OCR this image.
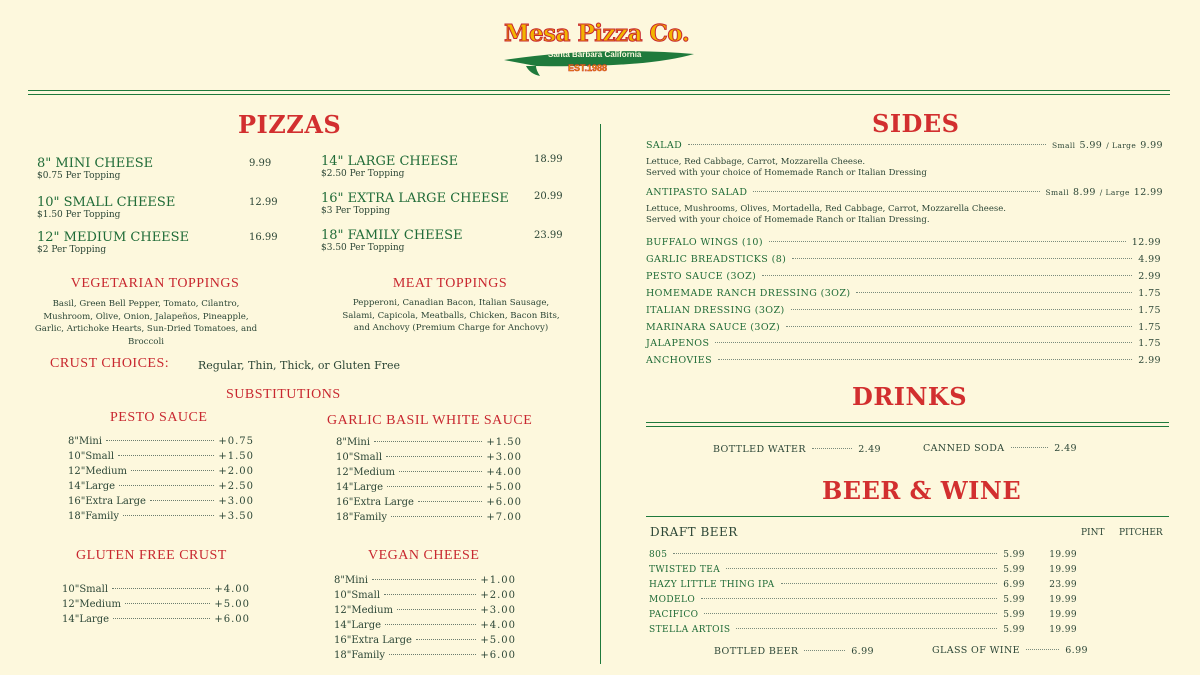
Mesa Pizza Co.
Santa Barbara California
EST.1988
PIZZAS
8" MINI CHEESE
$0.75 Per Topping
9.99
10" SMALL CHEESE
$1.50 Per Topping
12.99
12" MEDIUM CHEESE
$2 Per Topping
16.99
14" LARGE CHEESE
$2.50 Per Topping
18.99
16" EXTRA LARGE CHEESE
$3 Per Topping
20.99
18" FAMILY CHEESE
$3.50 Per Topping
23.99
VEGETARIAN TOPPINGS
Basil, Green Bell Pepper, Tomato, Cilantro, Mushroom, Olive, Onion, Jalapeños, Pineapple, Garlic, Artichoke Hearts, Sun-Dried Tomatoes, and Broccoli
MEAT TOPPINGS
Pepperoni, Canadian Bacon, Italian Sausage, Salami, Capicola, Meatballs, Chicken, Bacon Bits, and Anchovy (Premium Charge for Anchovy)
CRUST CHOICES:	Regular, Thin, Thick, or Gluten Free
SUBSTITUTIONS
PESTO SAUCE
8"Mini	+0.75
10"Small	+1.50
12"Medium	+2.00
14"Large	+2.50
16"Extra Large	+3.00
18"Family	+3.50
GARLIC BASIL WHITE SAUCE
8"Mini	+1.50
10"Small	+3.00
12"Medium	+4.00
14"Large	+5.00
16"Extra Large	+6.00
18"Family	+7.00
GLUTEN FREE CRUST
10"Small	+4.00
12"Medium	+5.00
14"Large	+6.00
VEGAN CHEESE
8"Mini	+1.00
10"Small	+2.00
12"Medium	+3.00
14"Large	+4.00
16"Extra Large	+5.00
18"Family	+6.00
SIDES
SALAD	Small 5.99 / Large 9.99
Lettuce, Red Cabbage, Carrot, Mozzarella Cheese.
Served with your choice of Homemade Ranch or Italian Dressing
ANTIPASTO SALAD	Small 8.99 / Large 12.99
Lettuce, Mushrooms, Olives, Mortadella, Red Cabbage, Carrot, Mozzarella Cheese.
Served with your choice of Homemade Ranch or Italian Dressing.
BUFFALO WINGS (10)	12.99
GARLIC BREADSTICKS (8)	4.99
PESTO SAUCE (3OZ)	2.99
HOMEMADE RANCH DRESSING (3OZ)	1.75
ITALIAN DRESSING (3OZ)	1.75
MARINARA SAUCE (3OZ)	1.75
JALAPENOS	1.75
ANCHOVIES	2.99
DRINKS
BOTTLED WATER	2.49	CANNED SODA	2.49
BEER & WINE
DRAFT BEER	PINT PITCHER
805	5.99	19.99
TWISTED TEA	5.99	19.99
HAZY LITTLE THING IPA	6.99	23.99
MODELO	5.99	19.99
PACIFICO	5.99	19.99
STELLA ARTOIS	5.99	19.99
BOTTLED BEER	6.99	GLASS OF WINE	6.99
